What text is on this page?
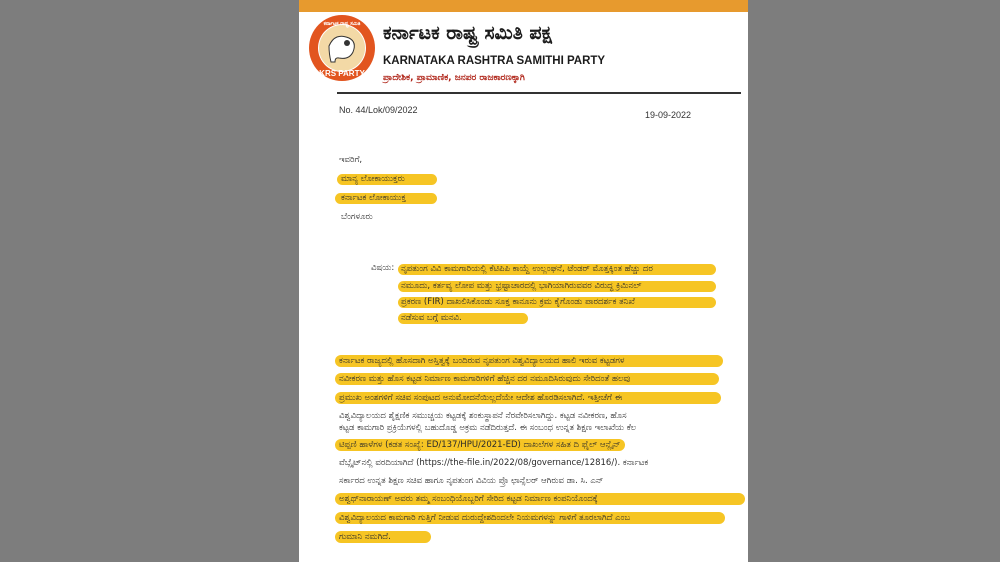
KRS PARTY
ಕರ್ನಾಟಕ ರಾಷ್ಟ್ರ ಸಮಿತಿ ಕರ್ನಾಟಕ ರಾಷ್ಟ್ರ ಸಮಿತಿ ಪಕ್ಷ
KARNATAKA RASHTRA SAMITHI PARTY
ಪ್ರಾದೇಶಿಕ, ಪ್ರಾಮಾಣಿಕ, ಜನಪರ ರಾಜಕಾರಣಕ್ಕಾಗಿ
No. 44/Lok/09/2022	19-09-2022
ಇವರಿಗೆ,
ಮಾನ್ಯ ಲೋಕಾಯುಕ್ತರು
ಕರ್ನಾಟಕ ಲೋಕಾಯುಕ್ತ
ಬೆಂಗಳೂರು
ವಿಷಯ: ನೃಪತುಂಗ ವಿವಿ ಕಾಮಗಾರಿಯಲ್ಲಿ ಕೆಟಿಪಿಪಿ ಕಾಯ್ದೆ ಉಲ್ಲಂಘನೆ, ಟೆಂಡರ್ ಮೊತ್ತಕ್ಕಿಂತ ಹೆಚ್ಚು ದರ
ನಮೂದು, ಕರ್ತವ್ಯ ಲೋಪ ಮತ್ತು ಭ್ರಷ್ಟಾಚಾರದಲ್ಲಿ ಭಾಗಿಯಾಗಿರುವವರ ವಿರುದ್ಧ ಕ್ರಿಮಿನಲ್
ಪ್ರಕರಣ (FIR) ದಾಖಲಿಸಿಕೊಂಡು ಸೂಕ್ತ ಕಾನೂನು ಕ್ರಮ ಕೈಗೊಂಡು ಪಾರದರ್ಶಕ ತನಿಖೆ
ನಡೆಸುವ ಬಗ್ಗೆ ಮನವಿ.
ಕರ್ನಾಟಕ ರಾಜ್ಯದಲ್ಲಿ ಹೊಸದಾಗಿ ಅಸ್ತಿತ್ವಕ್ಕೆ ಬಂದಿರುವ ನೃಪತುಂಗ ವಿಶ್ವವಿದ್ಯಾಲಯದ ಹಾಲಿ ಇರುವ ಕಟ್ಟಡಗಳ
ನವೀಕರಣ ಮತ್ತು ಹೊಸ ಕಟ್ಟಡ ನಿರ್ಮಾಣ ಕಾಮಗಾರಿಗಳಿಗೆ ಹೆಚ್ಚಿನ ದರ ನಮೂದಿಸಿರುವುದು ಸೇರಿದಂತೆ ಹಲವು
ಪ್ರಮುಖ ಅಂಶಗಳಿಗೆ ಸಚಿವ ಸಂಪುಟದ ಅನುಮೋದನೆಯಿಲ್ಲದೆಯೇ ಆದೇಶ ಹೊರಡಿಸಲಾಗಿದೆ. ಇತ್ತೀಚೆಗೆ ಈ
ವಿಶ್ವವಿದ್ಯಾಲಯದ ಶೈಕ್ಷಣಿಕ ಸಮುಚ್ಚಯ ಕಟ್ಟಡಕ್ಕೆ ಶಂಕುಸ್ಥಾಪನೆ ನೆರವೇರಿಸಲಾಗಿದ್ದು. ಕಟ್ಟಡ ನವೀಕರಣ, ಹೊಸ
ಕಟ್ಟಡ ಕಾಮಗಾರಿ ಪ್ರಕ್ರಿಯೆಗಳಲ್ಲಿ ಬಹುದೊಡ್ಡ ಅಕ್ರಮ ನಡೆದಿರುತ್ತದೆ. ಈ ಸಂಬಂಧ ಉನ್ನತ ಶಿಕ್ಷಣ ಇಲಾಖೆಯ ಕೆಲ
ಟಿಪ್ಪಣಿ ಹಾಳೆಗಳ (ಕಡತ ಸಂಖ್ಯೆ: ED/137/HPU/2021-ED) ದಾಖಲೆಗಳ ಸಹಿತ ದಿ ಫೈಲ್ ಆನ್ಲೈನ್
ವೆಬ್ಸೈಟ್‌ನಲ್ಲಿ ವರದಿಯಾಗಿದೆ (https://the-file.in/2022/08/governance/12816/). ಕರ್ನಾಟಕ
ಸರ್ಕಾರದ ಉನ್ನತ ಶಿಕ್ಷಣ ಸಚಿವ ಹಾಗೂ ನೃಪತುಂಗ ವಿವಿಯ ಪ್ರೊ ಛಾನ್ಸೆಲರ್ ಆಗಿರುವ ಡಾ. ಸಿ. ಎನ್
ಅಶ್ವಥ್‌ನಾರಾಯಣ್ ಅವರು ತಮ್ಮ ಸಂಬಂಧಿಯೊಬ್ಬರಿಗೆ ಸೇರಿದ ಕಟ್ಟಡ ನಿರ್ಮಾಣ ಕಂಪನಿಯೊಂದಕ್ಕೆ
ವಿಶ್ವವಿದ್ಯಾಲಯದ ಕಾಮಗಾರಿ ಗುತ್ತಿಗೆ ನೀಡುವ ದುರುದ್ದೇಶದಿಂದಲೇ ನಿಯಮಗಳನ್ನು ಗಾಳಿಗೆ ತೂರಲಾಗಿದೆ ಎಂಬ
ಗುಮಾನಿ ನಮಗಿದೆ.
